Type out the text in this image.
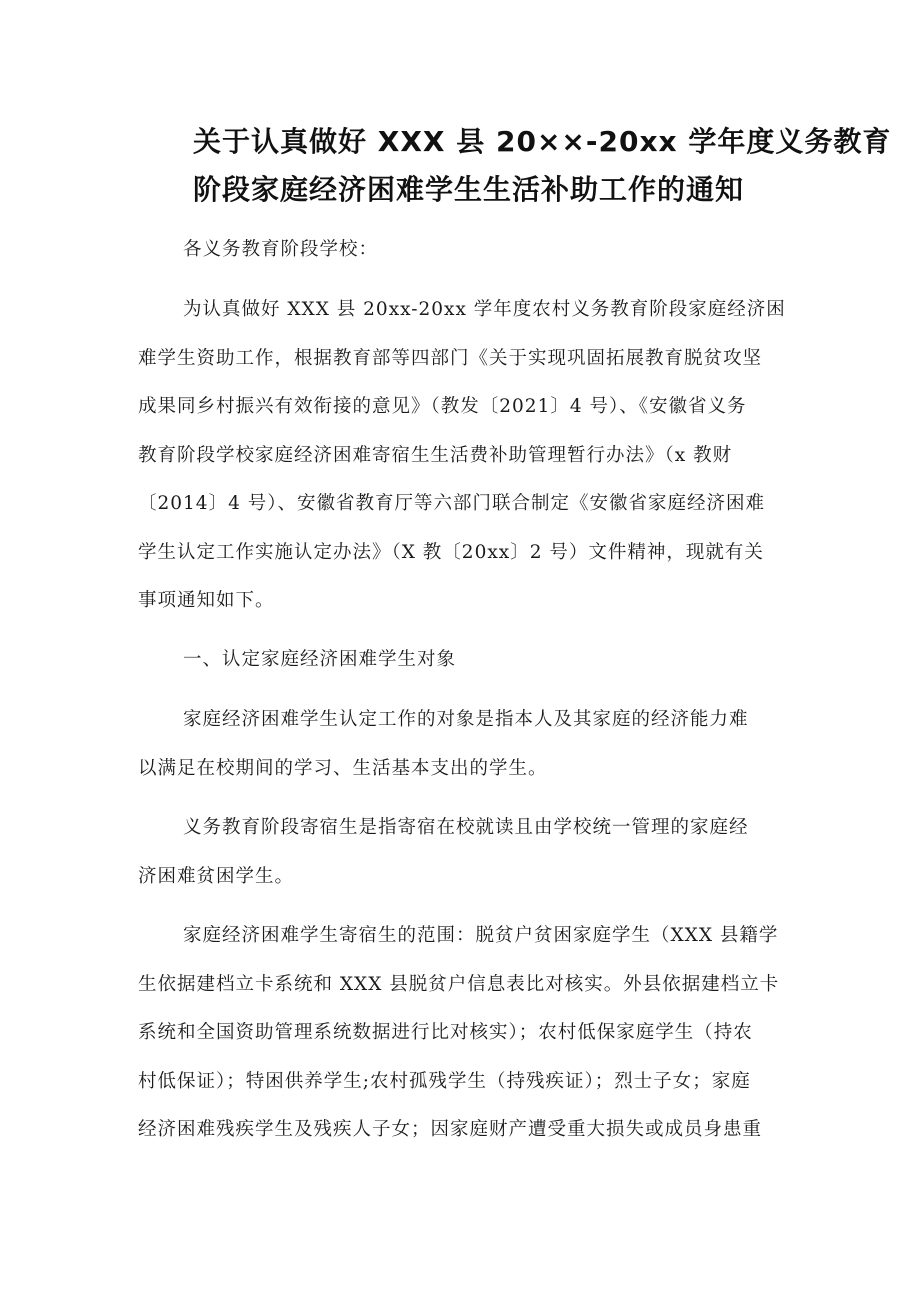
关于认真做好 XXX 县 20××-20xx 学年度义务教育
阶段家庭经济困难学生生活补助工作的通知
各义务教育阶段学校：
为认真做好 XXX 县 20xx-20xx 学年度农村义务教育阶段家庭经济困
难学生资助工作，根据教育部等四部门《关于实现巩固拓展教育脱贫攻坚
成果同乡村振兴有效衔接的意见》（教发〔2021〕4 号）、《安徽省义务
教育阶段学校家庭经济困难寄宿生生活费补助管理暂行办法》（x 教财
〔2014〕4 号）、安徽省教育厅等六部门联合制定《安徽省家庭经济困难
学生认定工作实施认定办法》（X 教〔20xx〕2 号）文件精神，现就有关
事项通知如下。
一、认定家庭经济困难学生对象
家庭经济困难学生认定工作的对象是指本人及其家庭的经济能力难
以满足在校期间的学习、生活基本支出的学生。
义务教育阶段寄宿生是指寄宿在校就读且由学校统一管理的家庭经
济困难贫困学生。
家庭经济困难学生寄宿生的范围：脱贫户贫困家庭学生（XXX 县籍学
生依据建档立卡系统和 XXX 县脱贫户信息表比对核实。外县依据建档立卡
系统和全国资助管理系统数据进行比对核实）；农村低保家庭学生（持农
村低保证）；特困供养学生;农村孤残学生（持残疾证）；烈士子女；家庭
经济困难残疾学生及残疾人子女；因家庭财产遭受重大损失或成员身患重
